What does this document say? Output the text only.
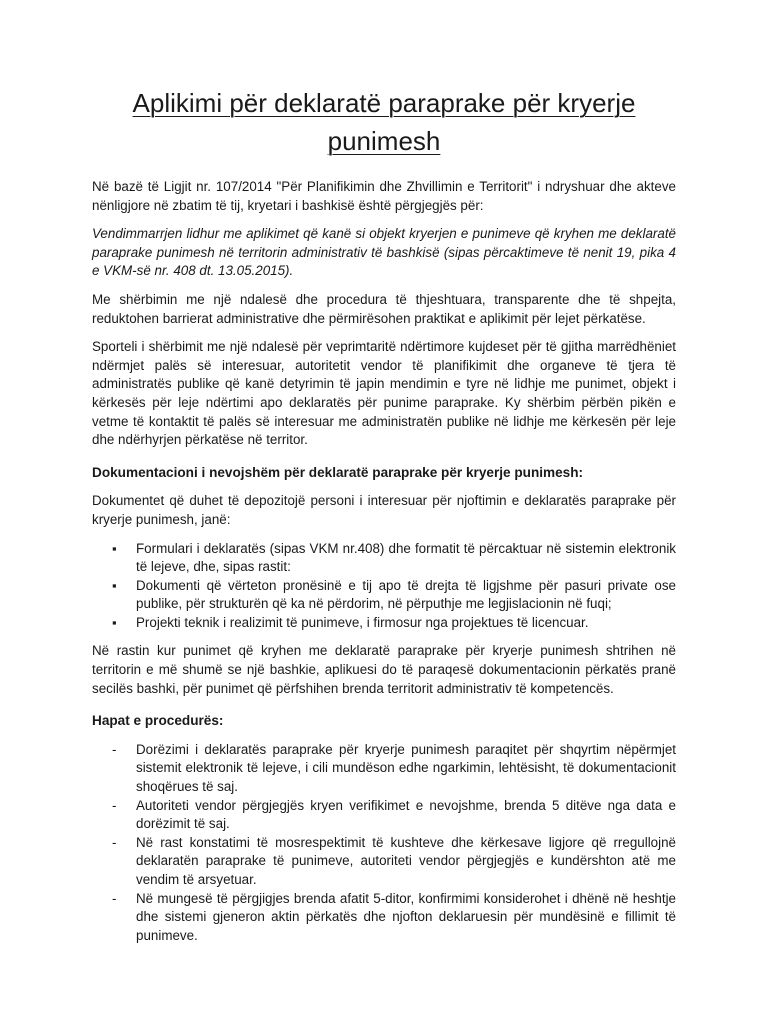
Aplikimi për deklaratë paraprake për kryerje punimesh

Në bazë të Ligjit nr. 107/2014 "Për Planifikimin dhe Zhvillimin e Territorit" i ndryshuar dhe akteve nënligjore në zbatim të tij, kryetari i bashkisë është përgjegjës për:

Vendimmarrjen lidhur me aplikimet që kanë si objekt kryerjen e punimeve që kryhen me deklaratë paraprake punimesh në territorin administrativ të bashkisë (sipas përcaktimeve të nenit 19, pika 4 e VKM-së nr. 408 dt. 13.05.2015).

Me shërbimin me një ndalesë dhe procedura të thjeshtuara, transparente dhe të shpejta, reduktohen barrierat administrative dhe përmirësohen praktikat e aplikimit për lejet përkatëse.

Sporteli i shërbimit me një ndalesë për veprimtaritë ndërtimore kujdeset për të gjitha marrëdhëniet ndërmjet palës së interesuar, autoritetit vendor të planifikimit dhe organeve të tjera të administratës publike që kanë detyrimin të japin mendimin e tyre në lidhje me punimet, objekt i kërkesës për leje ndërtimi apo deklaratës për punime paraprake. Ky shërbim përbën pikën e vetme të kontaktit të palës së interesuar me administratën publike në lidhje me kërkesën për leje dhe ndërhyrjen përkatëse në territor.

Dokumentacioni i nevojshëm për deklaratë paraprake për kryerje punimesh:

Dokumentet që duhet të depozitojë personi i interesuar për njoftimin e deklaratës paraprake për kryerje punimesh, janë:

▪ Formulari i deklaratës (sipas VKM nr.408) dhe formatit të përcaktuar në sistemin elektronik të lejeve, dhe, sipas rastit:
▪ Dokumenti që vërteton pronësinë e tij apo të drejta të ligjshme për pasuri private ose publike, për strukturën që ka në përdorim, në përputhje me legjislacionin në fuqi;
▪ Projekti teknik i realizimit të punimeve, i firmosur nga projektues të licencuar.

Në rastin kur punimet që kryhen me deklaratë paraprake për kryerje punimesh shtrihen në territorin e më shumë se një bashkie, aplikuesi do të paraqesë dokumentacionin përkatës pranë secilës bashki, për punimet që përfshihen brenda territorit administrativ të kompetencës.

Hapat e procedurës:
- Dorëzimi i deklaratës paraprake për kryerje punimesh paraqitet për shqyrtim nëpërmjet sistemit elektronik të lejeve, i cili mundëson edhe ngarkimin, lehtësisht, të dokumentacionit shoqërues të saj.
- Autoriteti vendor përgjegjës kryen verifikimet e nevojshme, brenda 5 ditëve nga data e dorëzimit të saj.
- Në rast konstatimi të mosrespektimit të kushteve dhe kërkesave ligjore që rregullojnë deklaratën paraprake të punimeve, autoriteti vendor përgjegjës e kundërshton atë me vendim të arsyetuar.
- Në mungesë të përgjigjes brenda afatit 5-ditor, konfirmimi konsiderohet i dhënë në heshtje dhe sistemi gjeneron aktin përkatës dhe njofton deklaruesin për mundësinë e fillimit të punimeve.
